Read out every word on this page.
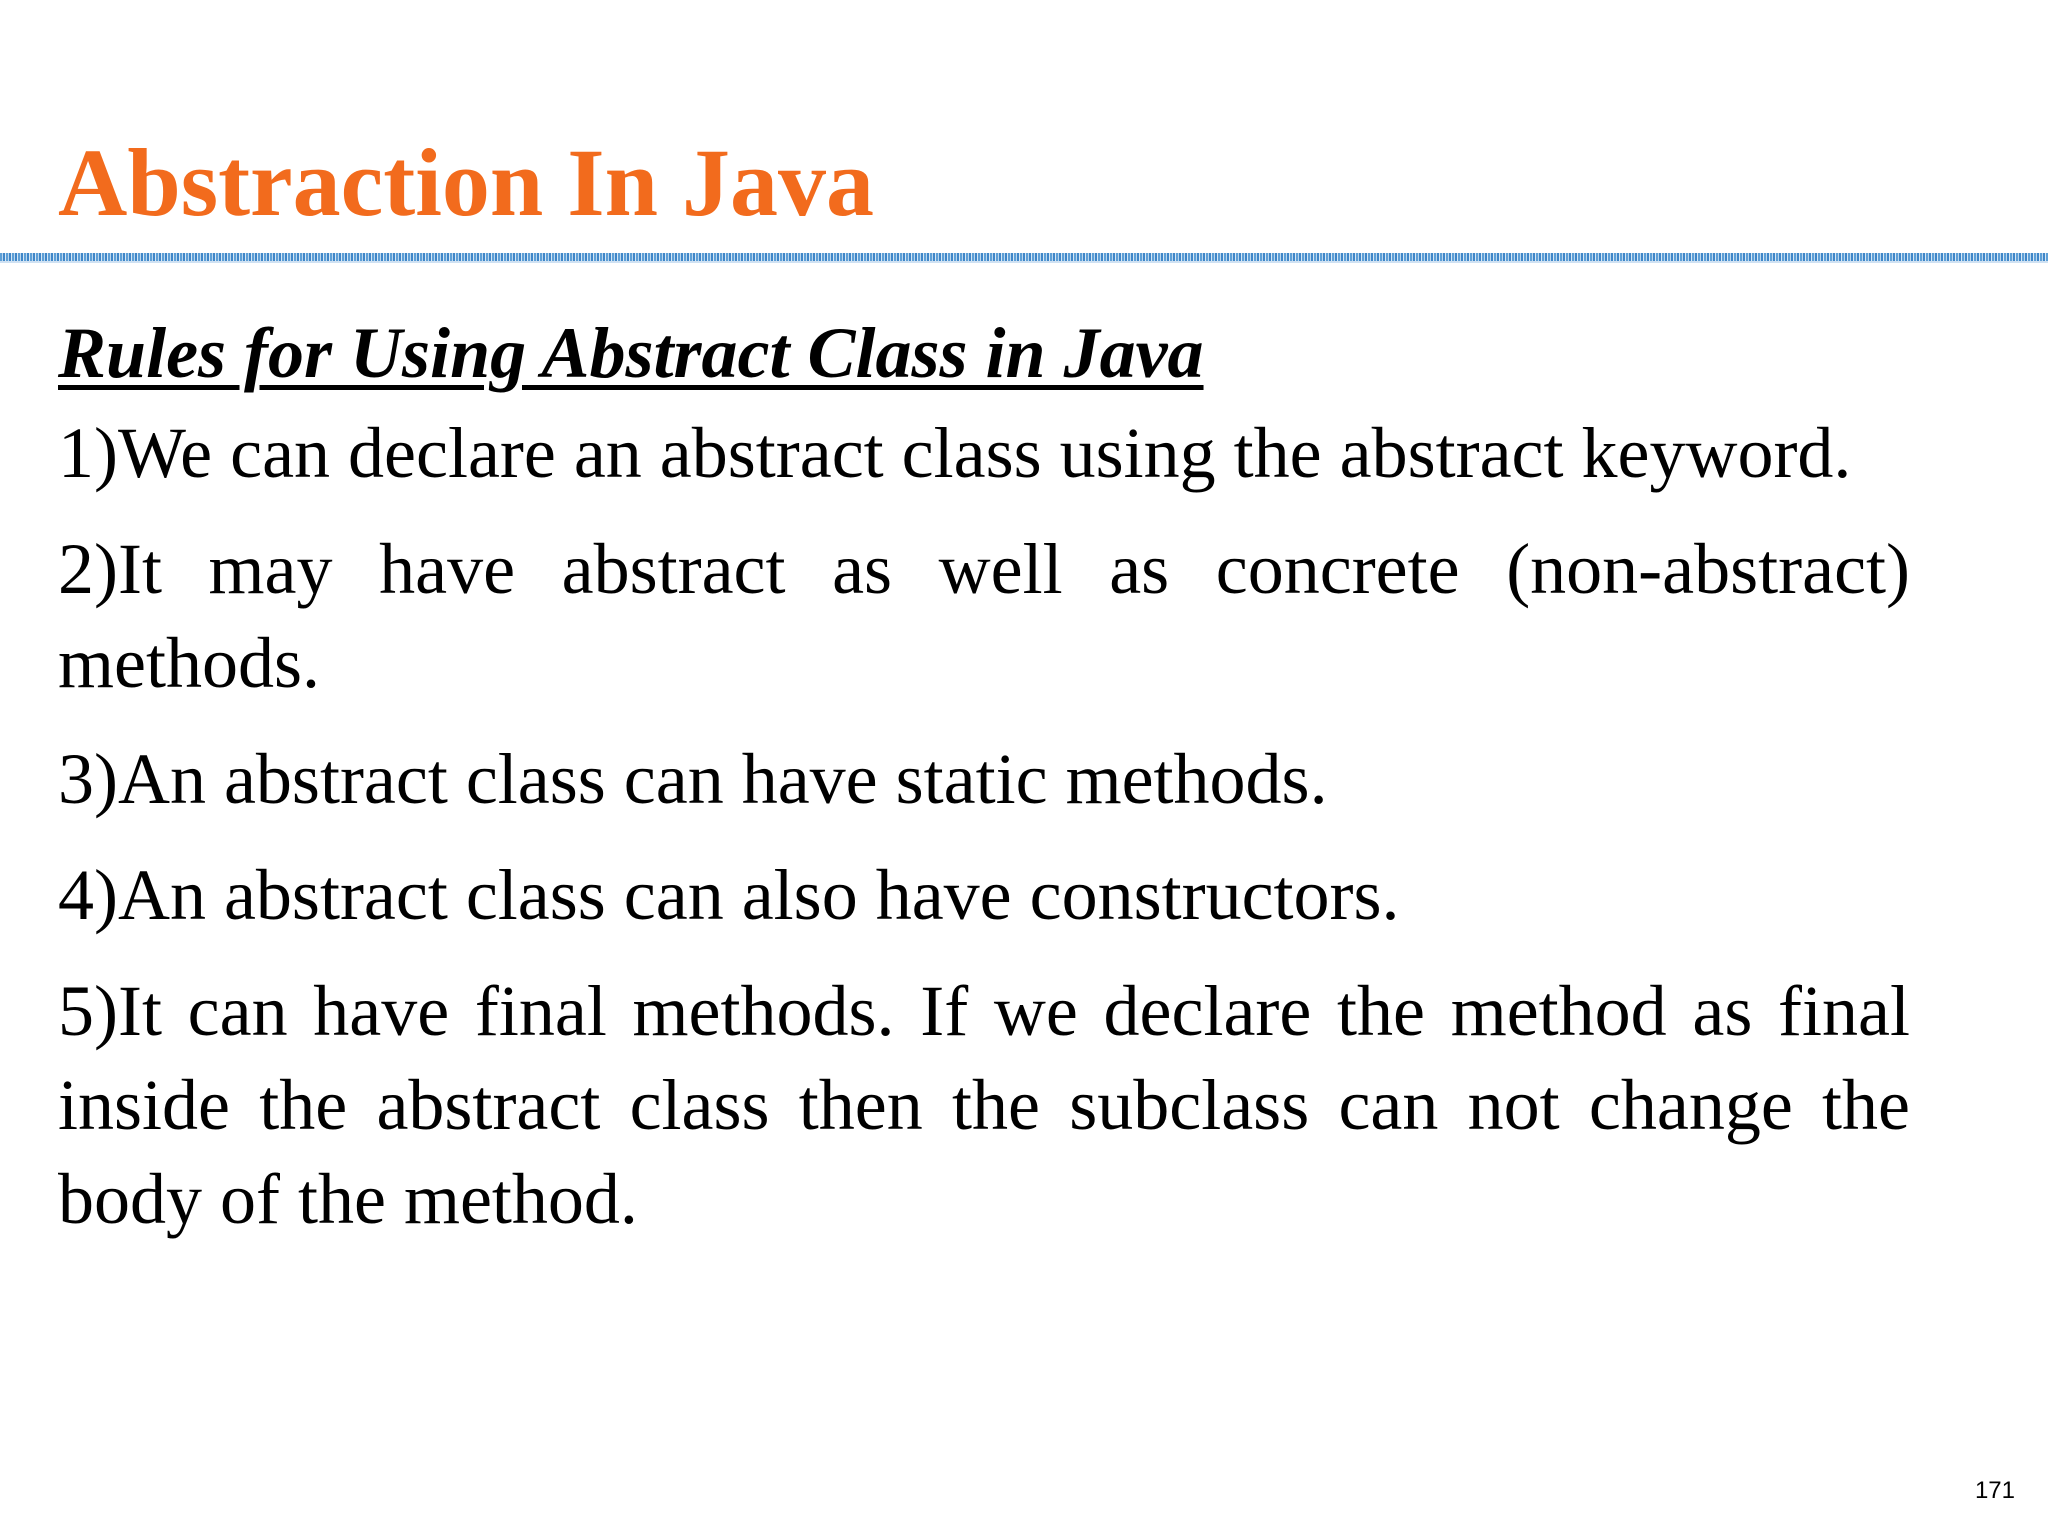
Abstraction In Java
Rules for Using Abstract Class in Java

1)We can declare an abstract class using the abstract keyword.

2)It may have abstract as well as concrete (non-abstract) methods.

3)An abstract class can have static methods.

4)An abstract class can also have constructors.

5)It can have final methods. If we declare the method as final inside the abstract class then the subclass can not change the body of the method.

171
